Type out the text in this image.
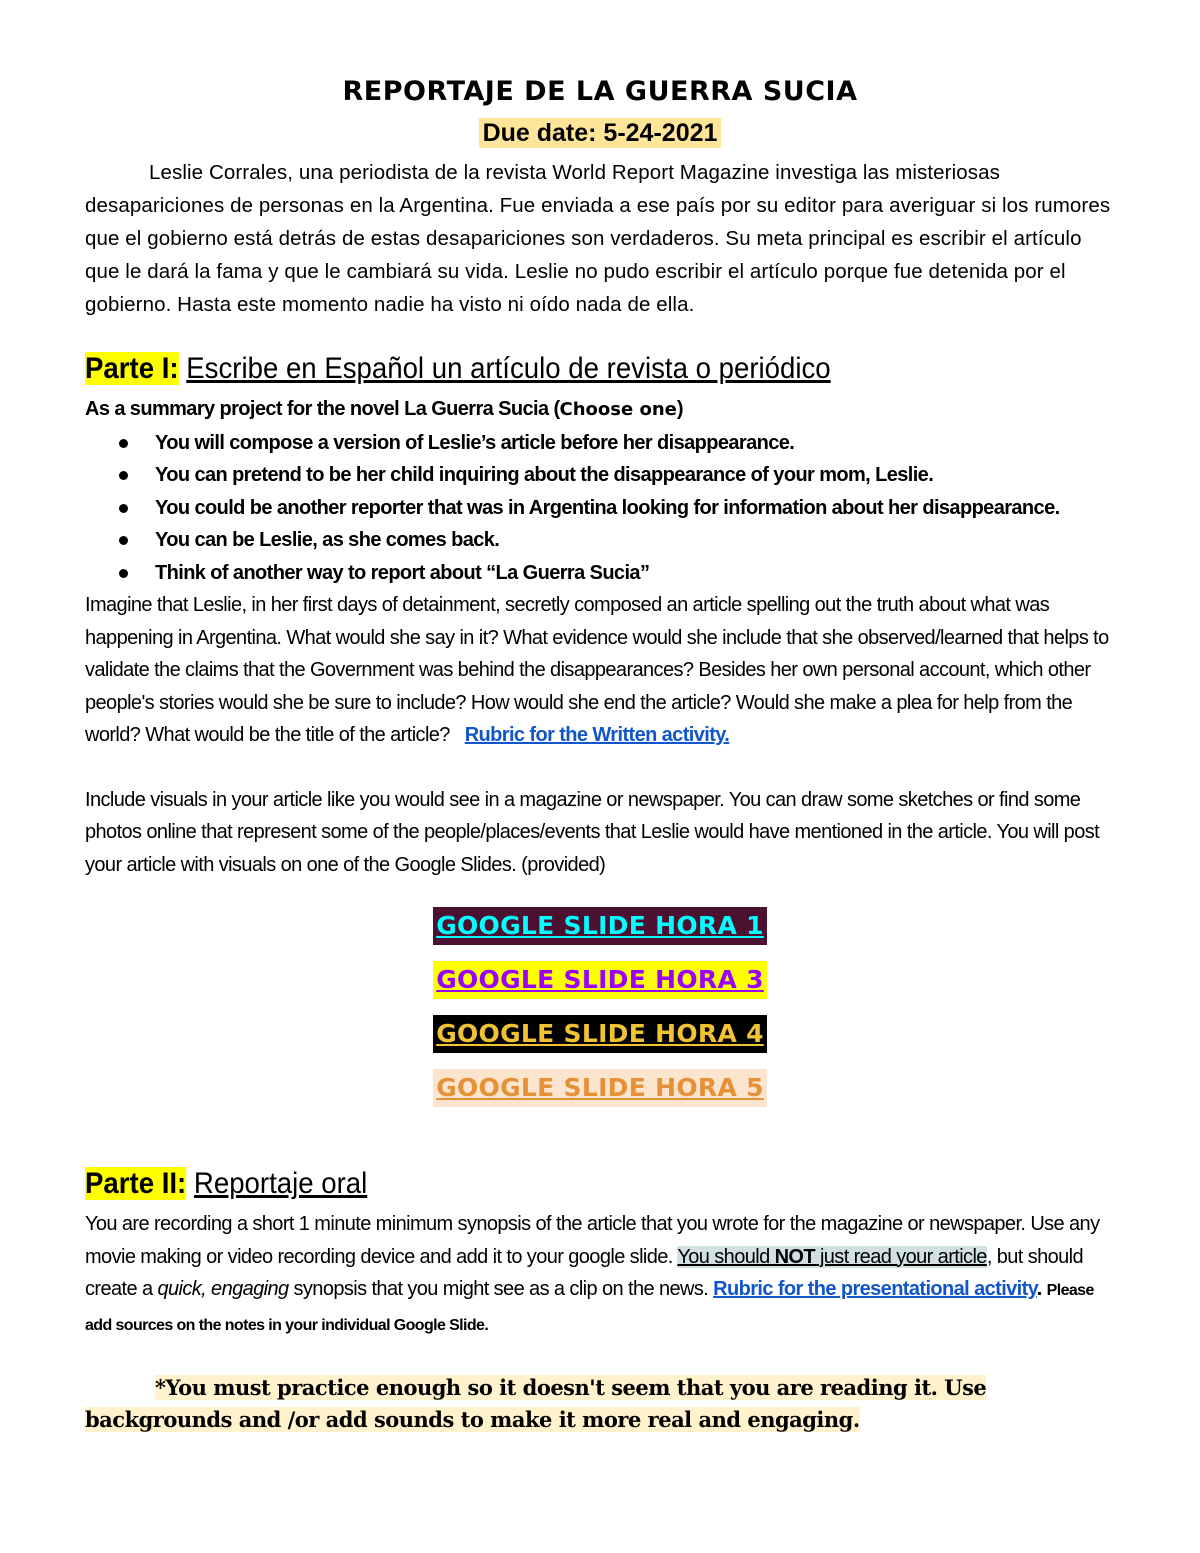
REPORTAJE DE LA GUERRA SUCIA
Due date: 5-24-2021

Leslie Corrales, una periodista de la revista World Report Magazine investiga las misteriosas desapariciones de personas en la Argentina. Fue enviada a ese país por su editor para averiguar si los rumores que el gobierno está detrás de estas desapariciones son verdaderos. Su meta principal es escribir el artículo que le dará la fama y que le cambiará su vida. Leslie no pudo escribir el artículo porque fue detenida por el gobierno. Hasta este momento nadie ha visto ni oído nada de ella.

Parte I: Escribe en Español un artículo de revista o periódico
As a summary project for the novel La Guerra Sucia (Choose one)
You will compose a version of Leslie’s article before her disappearance.
You can pretend to be her child inquiring about the disappearance of your mom, Leslie.
You could be another reporter that was in Argentina looking for information about her disappearance.
You can be Leslie, as she comes back.
Think of another way to report about “La Guerra Sucia”
Imagine that Leslie, in her first days of detainment, secretly composed an article spelling out the truth about what was happening in Argentina. What would she say in it? What evidence would she include that she observed/learned that helps to validate the claims that the Government was behind the disappearances? Besides her own personal account, which other people's stories would she be sure to include? How would she end the article? Would she make a plea for help from the world? What would be the title of the article? Rubric for the Written activity.
Include visuals in your article like you would see in a magazine or newspaper. You can draw some sketches or find some photos online that represent some of the people/places/events that Leslie would have mentioned in the article. You will post your article with visuals on one of the Google Slides. (provided)
GOOGLE SLIDE HORA 1
GOOGLE SLIDE HORA 3
GOOGLE SLIDE HORA 4
GOOGLE SLIDE HORA 5
Parte II: Reportaje oral
You are recording a short 1 minute minimum synopsis of the article that you wrote for the magazine or newspaper. Use any movie making or video recording device and add it to your google slide. You should NOT just read your article, but should create a quick, engaging synopsis that you might see as a clip on the news. Rubric for the presentational activity. Please add sources on the notes in your individual Google Slide.

*You must practice enough so it doesn't seem that you are reading it. Use backgrounds and /or add sounds to make it more real and engaging.
